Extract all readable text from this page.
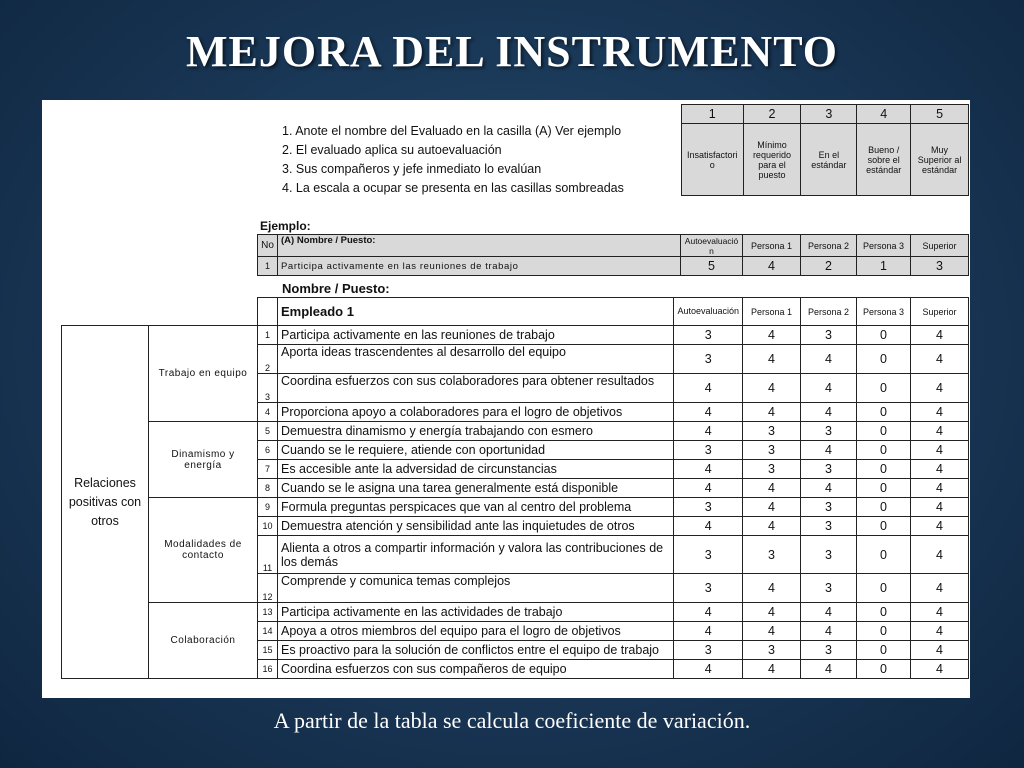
MEJORA DEL INSTRUMENTO
1. Anote el nombre del Evaluado en la casilla (A) Ver ejemplo
2. El evaluado aplica su autoevaluación
3. Sus compañeros y jefe inmediato lo evalúan
4. La escala a ocupar se presenta en las casillas sombreadas
1	2	3	4	5
Insatisfactorio	Mínimo requerido para el puesto	En el estándar	Bueno / sobre el estándar	Muy Superior al estándar
Ejemplo:
No	(A) Nombre / Puesto:	Autoevaluación	Persona 1	Persona 2	Persona 3	Superior
1	Participa activamente en las reuniones de trabajo	5	4	2	1	3
Nombre / Puesto:
			Empleado 1	Autoevaluación	Persona 1	Persona 2	Persona 3	Superior
Relaciones positivas con otros	Trabajo en equipo	1	Participa activamente en las reuniones de trabajo	3	4	3	0	4
		2	Aporta ideas trascendentes al desarrollo del equipo	3	4	4	0	4
		3	Coordina esfuerzos con sus colaboradores para obtener resultados	4	4	4	0	4
		4	Proporciona apoyo a colaboradores para el logro de objetivos	4	4	4	0	4
	Dinamismo y energía	5	Demuestra dinamismo y energía trabajando con esmero	4	3	3	0	4
		6	Cuando se le requiere, atiende con oportunidad	3	3	4	0	4
		7	Es accesible ante la adversidad de circunstancias	4	3	3	0	4
		8	Cuando se le asigna una tarea generalmente está disponible	4	4	4	0	4
	Modalidades de contacto	9	Formula preguntas perspicaces que van al centro del problema	3	4	3	0	4
		10	Demuestra atención y sensibilidad ante las inquietudes de otros	4	4	3	0	4
		11	Alienta a otros a compartir información y valora las contribuciones de los demás	3	3	3	0	4
		12	Comprende y comunica temas complejos	3	4	3	0	4
	Colaboración	13	Participa activamente en las actividades de trabajo	4	4	4	0	4
		14	Apoya a otros miembros del equipo para el logro de objetivos	4	4	4	0	4
		15	Es proactivo para la solución de conflictos entre el equipo de trabajo	3	3	3	0	4
		16	Coordina esfuerzos con sus compañeros de equipo	4	4	4	0	4
A partir de la tabla se calcula coeficiente de variación.
